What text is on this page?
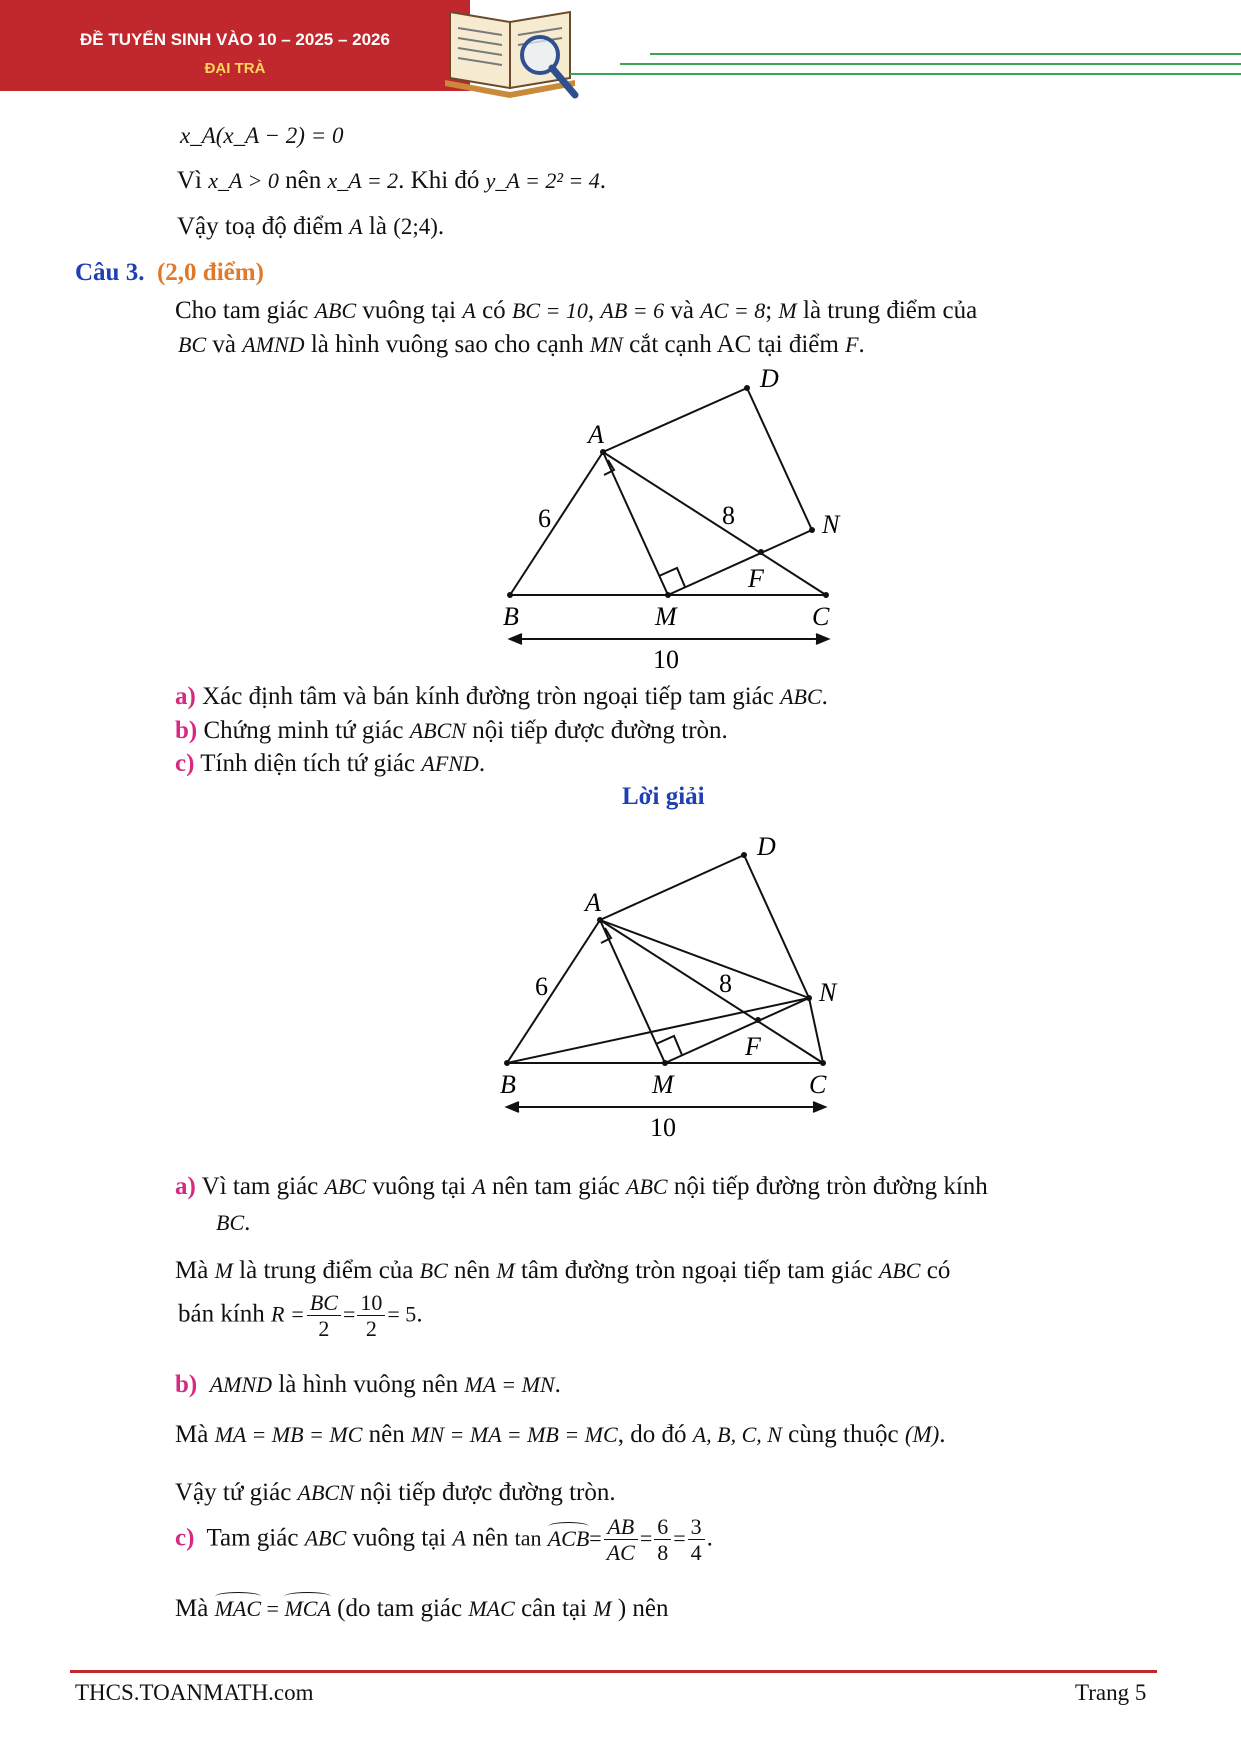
ĐỀ TUYỂN SINH VÀO 10 – 2025 – 2026
ĐẠI TRÀ
x_A(x_A − 2) = 0
Vì x_A > 0 nên x_A = 2. Khi đó y_A = 2² = 4.
Vậy toạ độ điểm A là (2;4).
Câu 3. (2,0 điểm)
Cho tam giác ABC vuông tại A có BC = 10, AB = 6 và AC = 8; M là trung điểm của
BC và AMND là hình vuông sao cho cạnh MN cắt cạnh AC tại điểm F.
A
D
N
F
B	M	C
6	8
10
a) Xác định tâm và bán kính đường tròn ngoại tiếp tam giác ABC.
b) Chứng minh tứ giác ABCN nội tiếp được đường tròn.
c) Tính diện tích tứ giác AFND.
Lời giải
A
D
N
F
B	M	C
6	8
10
a) Vì tam giác ABC vuông tại A nên tam giác ABC nội tiếp đường tròn đường kính
BC.
Mà M là trung điểm của BC nên M tâm đường tròn ngoại tiếp tam giác ABC có
bán kính $R = \frac{BC}{2} = \frac{10}{2} = 5$.
b) AMND là hình vuông nên MA = MN.
Mà MA = MB = MC nên MN = MA = MB = MC, do đó A, B, C, N cùng thuộc (M).
Vậy tứ giác ABCN nội tiếp được đường tròn.
c) Tam giác ABC vuông tại A nên $\tan ACB= \frac{AB}{AC} = \frac{6}{8} = \frac{3}{4}$ .
Mà MAC = MCA (do tam giác MAC cân tại M ) nên
THCS.TOANMATH.com	Trang 5
